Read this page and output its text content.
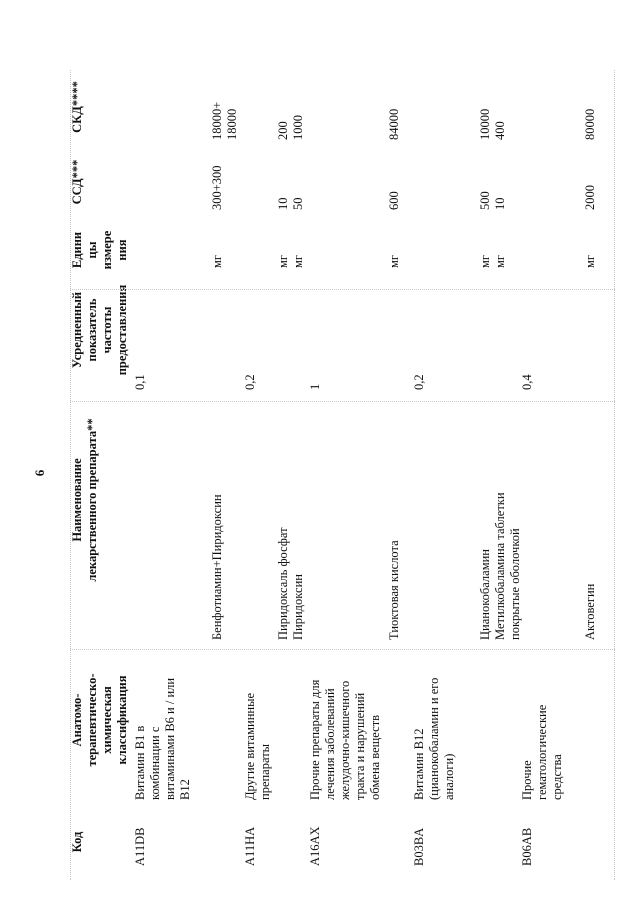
6
Код
Анатомо-
терапевтическо-
химическая
классификация
Наименование
лекарственного препарата**
Усредненный
показатель
частоты
предоставления
Едини
цы
измере
ния
ССД***
СКД****
A11DB
Витамин В1 в
комбинации с
витаминами В6 и / или
В12
0,1
Бенфотиамин+Пиридоксин
мг
300+300
18000+
18000
A11HA
Другие витаминные
препараты
0,2
Пиридоксаль фосфат
мг
10
200
Пиридоксин
мг
50
1000
A16AX
Прочие препараты для
лечения заболеваний
желудочно-кишечного
тракта и нарушений
обмена веществ
1
Тиоктовая кислота
мг
600
84000
B03BA
Витамин В12
(цианокобаламин и его
аналоги)
0,2
Цианокобаламин
мг
500
10000
Метилкобаламина таблетки
покрытые оболочкой
мг
10
400
B06AB
Прочие
гематологические
средства
0,4
Актовегин
мг
2000
80000
